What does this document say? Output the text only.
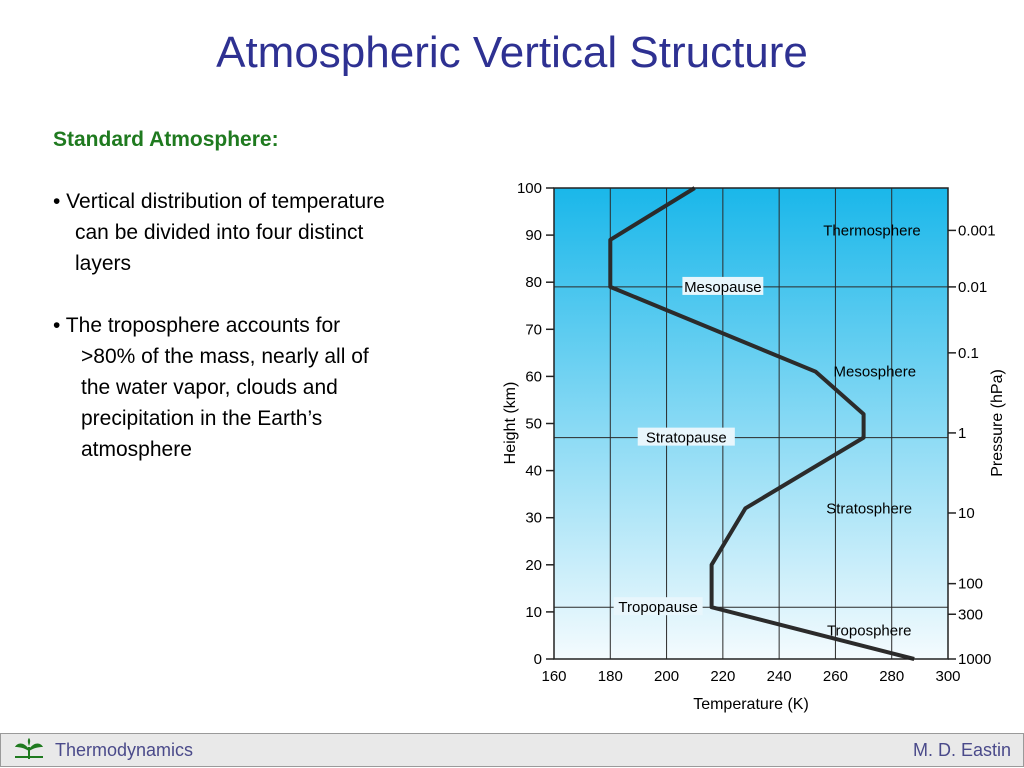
Atmospheric Vertical Structure
Standard Atmosphere:
• Vertical distribution of temperature
can be divided into four distinct
layers
• The troposphere accounts for
>80% of the mass, nearly all of
the water vapor, clouds and
precipitation in the Earth’s
atmosphere
Tropopause
Stratopause
Mesopause
Troposphere
Stratosphere
Mesosphere
Thermosphere
160 180 200 220 240 260 280 300
0
10
20
30
40
50
60
70
80
90
100
0.001
0.01
0.1
1
10
100
300
1000
Temperature (K)
Height (km)	Pressure (hPa)
Thermodynamics	M. D. Eastin
